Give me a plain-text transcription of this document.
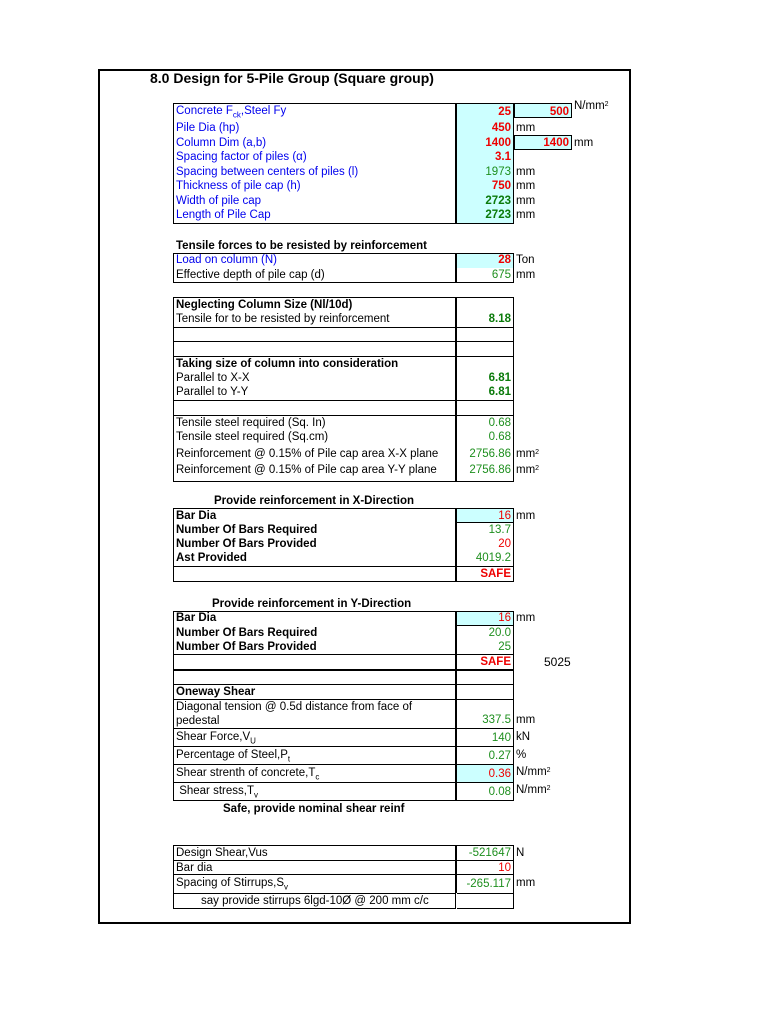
8.0 Design for 5-Pile Group (Square group)
Concrete $F_{ck},Steel$ Fy	25	500 $N/mm^2$
Pile Dia (hp)	450 mm
Column Dim (a,b)	1400	1400 mm
Spacing factor of piles (α)	3.1
Spacing between centers of piles (l)	1973 mm
Thickness of pile cap (h)	750 mm
Width of pile cap	2723 mm
Length of Pile Cap	2723 mm
Tensile forces to be resisted by reinforcement
Load on column (N)	28 Ton
Effective depth of pile cap (d)	675 mm
Neglecting Column Size (Nl/10d)
Tensile for to be resisted by reinforcement	8.18
Taking size of column into consideration
Parallel to X-X	6.81
Parallel to Y-Y	6.81
Tensile steel required (Sq. In)	0.68
Tensile steel required (Sq.cm)	0.68
Reinforcement @ 0.15% of Pile cap area X-X plane	2756.86 $mm^2$
Reinforcement @ 0.15% of Pile cap area Y-Y plane	2756.86 $mm^2$
Provide reinforcement in X-Direction
Bar Dia	16 mm
Number Of Bars Required	13.7
Number Of Bars Provided	20
Ast Provided	4019.2
SAFE
Provide reinforcement in Y-Direction
Bar Dia	16 mm
Number Of Bars Required	20.0
Number Of Bars Provided	25
SAFE	5025
Oneway Shear
Diagonal tension @ 0.5d distance from face of
pedestal	337.5 mm
Shear $Force,V_U$	140 kN
Percentage of $Steel,P_t$	0.27 %
Shear strenth of $concrete,T_c$	0.36 $N/mm^2$
Shear $stress,T_v$	0.08 $N/mm^2$
Safe, provide nominal shear reinf
Design Shear,Vus	-521647 N
Bar dia	10
Spacing of $Stirrups,S_v$	-265.117 mm
say provide stirrups 6lgd-10Ø @ 200 mm c/c
